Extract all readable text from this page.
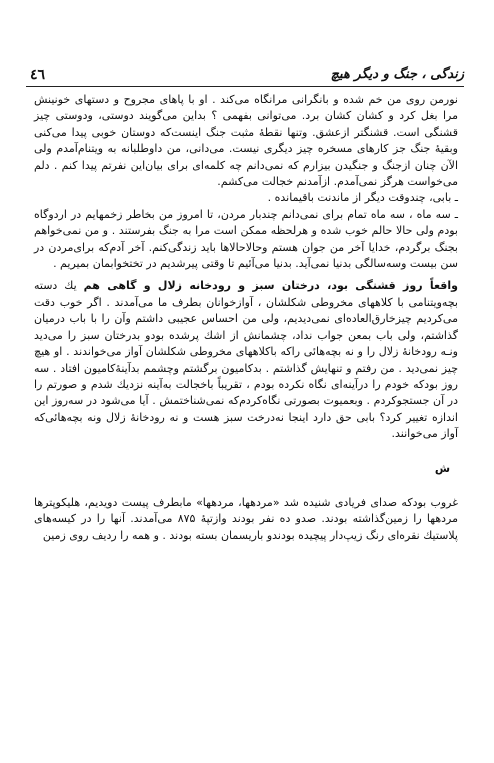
زندگی ، جنگ و دیگر هیچ
٤٦

نورمن روی من خم شده و بانگرانی مرانگاه می‌کند . او با پاهای مجروح و دستهای خونینش مرا بغل کرد و کشان کشان برد. می‌توانی بفهمی ؟ بداین می‌گویند دوستی، ودوستی چیز قشنگی است. قشنگتر ازعشق. وتنها نقطهٔ مثبت جنگ اینست‌که دوستان خوبی پیدا می‌کنی وبقیهٔ جنگ جز کارهای مسخره چیز دیگری نیست. می‌دانی، من داوطلبانه به ویتنام‌آمدم ولی الآن چنان ازجنگ و جنگیدن بیزارم که نمی‌دانم چه کلمه‌ای برای بیان‌این نفرتم پیدا کنم . دلم می‌خواست هرگز نمی‌آمدم. ازآمدنم خجالت می‌کشم.

ـ بابی، چندوقت دیگر از ماندنت باقیمانده .

ـ سه ماه ، سه ماه تمام برای نمی‌دانم چندبار مردن، تا امروز من بخاطر زخمهایم در اردوگاه بودم ولی حالا حالم خوب شده و هرلحظه ممکن است مرا به جنگ بفرستند . و من نمی‌خواهم بجنگ برگردم، خدایا آخر من جوان هستم وحالاحالاها باید زندگی‌کنم. آخر آدم‌که برای‌مردن در سن بیست وسه‌سالگی بدنیا نمی‌آید. بدنیا می‌آئیم تا وقتی پیرشدیم در تختخوابمان بمیریم .

واقعاً روز قشنگی بود، درختان سبز و رودخانه زلال و گاهی هم یك دسته بچه‌ویتنامی با کلاههای مخروطی شکلشان ، آوازخوانان بطرف ما می‌آمدند . اگر خوب دقت می‌کردیم چیزخارق‌العاده‌ای نمی‌دیدیم، ولی من احساس عجیبی داشتم وآن را با باب درمیان گذاشتم، ولی باب بمعن جواب نداد، چشمانش از اشك پرشده بودو بدرختان سبز را می‌دید ونـه رودخانهٔ زلال را و نه بچه‌هائی راکه باکلاههای مخروطی شکلشان آواز می‌خواندند . او هیچ چیز نمی‌دید . من رفتم و تنهایش گذاشتم . بدکامیون برگشتم وچشمم بدآینهٔ‌کامیون افتاد . سه روز بودکه خودم را درآینه‌ای نگاه نکرده بودم ، تقریباً باخجالت به‌آینه نزدیك شدم و صورتم را در آن جستجوکردم . وبعمیوت بصورتی نگاه‌کردم‌که نمی‌شناختمش . آیا می‌شود در سه‌روز این اندازه تغییر کرد؟ بابی حق دارد اینجا نه‌درخت سبز هست و نه رودخانهٔ زلال ونه بچه‌هائی‌که آواز می‌خوانند.

ش

غروب بودکه صدای فریادی شنیده شد «مردهها، مردهها» مابطرف پیست دویدیم، هلیکوپترها مردهها را زمین‌گذاشته بودند. صدو ده نفر بودند وازتپهٔ ۸۷۵ می‌آمدند. آنها را در کیسه‌های پلاستیك نقره‌ای رنگ زیپ‌دار پیچیده بودندو باریسمان بسته بودند . و همه را ردیف روی زمین
